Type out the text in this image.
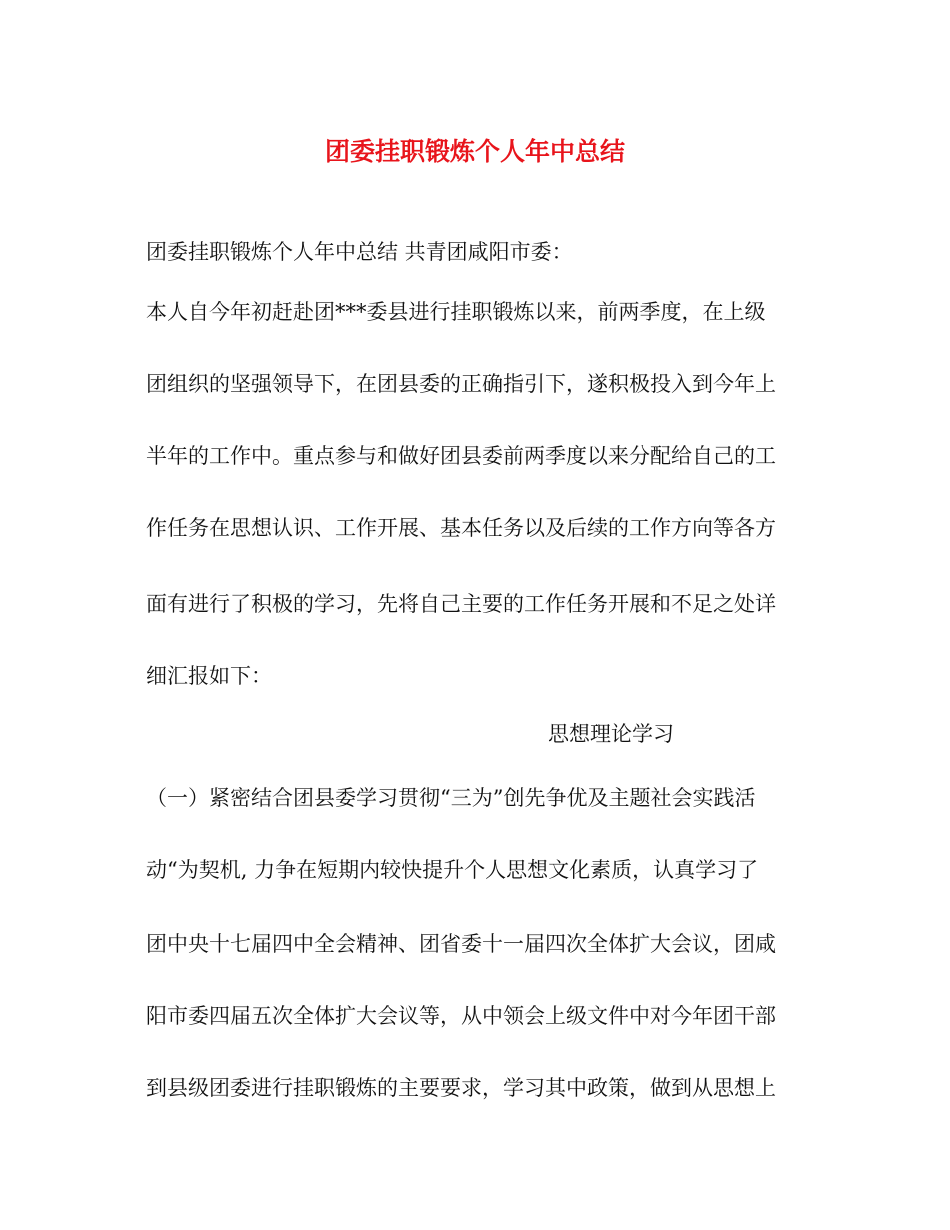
团委挂职锻炼个人年中总结
团委挂职锻炼个人年中总结 共青团咸阳市委：
本人自今年初赶赴团***委县进行挂职锻炼以来，前两季度，在上级
团组织的坚强领导下，在团县委的正确指引下，遂积极投入到今年上
半年的工作中。重点参与和做好团县委前两季度以来分配给自己的工
作任务在思想认识、工作开展、基本任务以及后续的工作方向等各方
面有进行了积极的学习，先将自己主要的工作任务开展和不足之处详
细汇报如下：
思想理论学习
（一）紧密结合团县委学习贯彻“三为”创先争优及主题社会实践活
动“为契机, 力争在短期内较快提升个人思想文化素质，认真学习了
团中央十七届四中全会精神、团省委十一届四次全体扩大会议，团咸
阳市委四届五次全体扩大会议等，从中领会上级文件中对今年团干部
到县级团委进行挂职锻炼的主要要求，学习其中政策，做到从思想上
